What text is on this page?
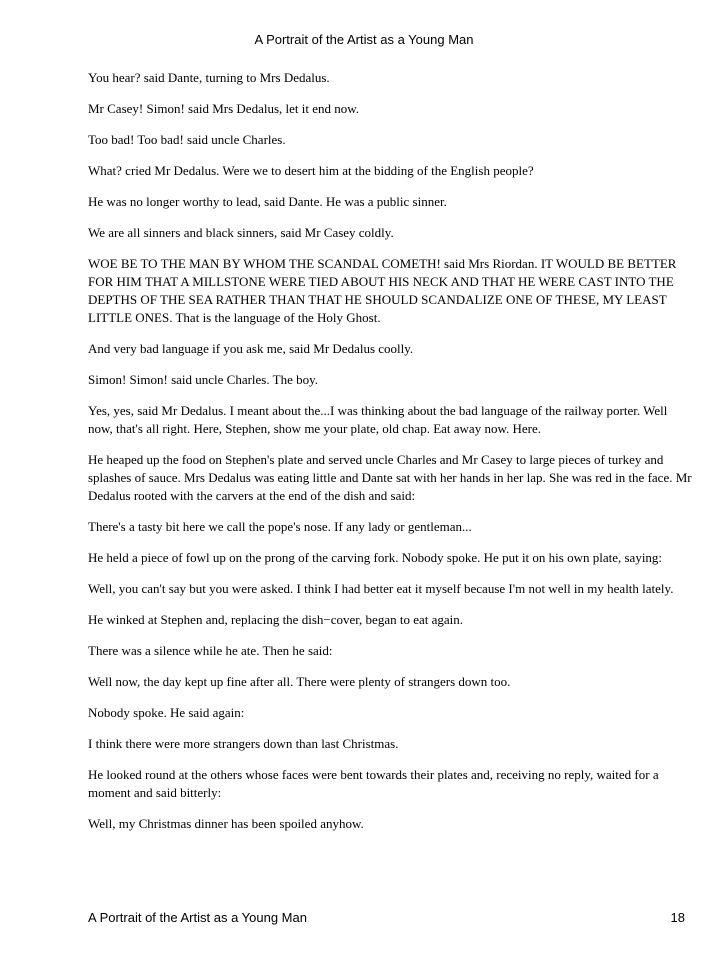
A Portrait of the Artist as a Young Man

You hear? said Dante, turning to Mrs Dedalus.

Mr Casey! Simon! said Mrs Dedalus, let it end now.

Too bad! Too bad! said uncle Charles.

What? cried Mr Dedalus. Were we to desert him at the bidding of the English people?

He was no longer worthy to lead, said Dante. He was a public sinner.

We are all sinners and black sinners, said Mr Casey coldly.

WOE BE TO THE MAN BY WHOM THE SCANDAL COMETH! said Mrs Riordan. IT WOULD BE BETTER FOR HIM THAT A MILLSTONE WERE TIED ABOUT HIS NECK AND THAT HE WERE CAST INTO THE DEPTHS OF THE SEA RATHER THAN THAT HE SHOULD SCANDALIZE ONE OF THESE, MY LEAST LITTLE ONES. That is the language of the Holy Ghost.

And very bad language if you ask me, said Mr Dedalus coolly.

Simon! Simon! said uncle Charles. The boy.

Yes, yes, said Mr Dedalus. I meant about the...I was thinking about the bad language of the railway porter. Well now, that's all right. Here, Stephen, show me your plate, old chap. Eat away now. Here.

He heaped up the food on Stephen's plate and served uncle Charles and Mr Casey to large pieces of turkey and splashes of sauce. Mrs Dedalus was eating little and Dante sat with her hands in her lap. She was red in the face. Mr Dedalus rooted with the carvers at the end of the dish and said:

There's a tasty bit here we call the pope's nose. If any lady or gentleman...

He held a piece of fowl up on the prong of the carving fork. Nobody spoke. He put it on his own plate, saying:

Well, you can't say but you were asked. I think I had better eat it myself because I'm not well in my health lately.

He winked at Stephen and, replacing the dish−cover, began to eat again.

There was a silence while he ate. Then he said:

Well now, the day kept up fine after all. There were plenty of strangers down too.

Nobody spoke. He said again:

I think there were more strangers down than last Christmas.

He looked round at the others whose faces were bent towards their plates and, receiving no reply, waited for a moment and said bitterly:

Well, my Christmas dinner has been spoiled anyhow.

A Portrait of the Artist as a Young Man	18
